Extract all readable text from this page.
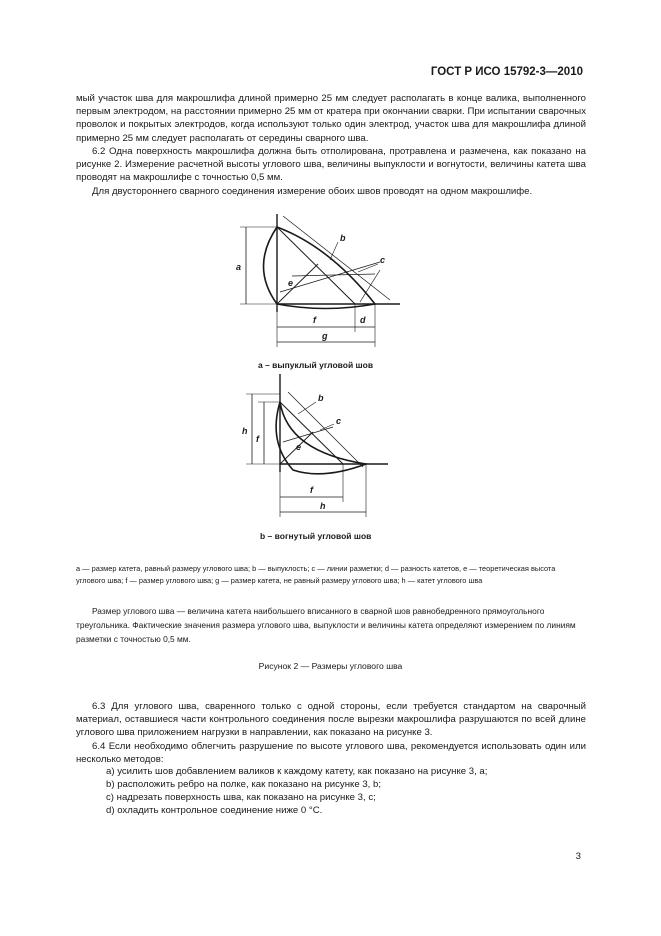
ГОСТ Р ИСО 15792-3—2010

мый участок шва для макрошлифа длиной примерно 25 мм следует располагать в конце валика, выполненного первым электродом, на расстоянии примерно 25 мм от кратера при окончании сварки. При испытании сварочных проволок и покрытых электродов, когда используют только один электрод, участок шва для макрошлифа длиной примерно 25 мм следует располагать от середины сварного шва.

6.2 Одна поверхность макрошлифа должна быть отполирована, протравлена и размечена, как показано на рисунке 2. Измерение расчетной высоты углового шва, величины выпуклости и вогнутости, величины катета шва проводят на макрошлифе с точностью 0,5 мм.

Для двустороннего сварного соединения измерение обоих швов проводят на одном макрошлифе.

a
b
c
e
f	d
g
a – выпуклый угловой шов
h
f
b
c
e
f
h
b – вогнутый угловой шов

a — размер катета, равный размеру углового шва; b — выпуклость; c — линии разметки; d — разность катетов, e — теоретическая высота углового шва; f — размер углового шва; g — размер катета, не равный размеру углового шва; h — катет углового шва

Размер углового шва — величина катета наибольшего вписанного в сварной шов равнобедренного прямоугольного треугольника. Фактические значения размера углового шва, выпуклости и величины катета определяют измерением по линиям разметки с точностью 0,5 мм.

Рисунок 2 — Размеры углового шва

6.3 Для углового шва, сваренного только с одной стороны, если требуется стандартом на сварочный материал, оставшиеся части контрольного соединения после вырезки макрошлифа разрушаются по всей длине углового шва приложением нагрузки в направлении, как показано на рисунке 3.

6.4 Если необходимо облегчить разрушение по высоте углового шва, рекомендуется использовать один или несколько методов:

a) усилить шов добавлением валиков к каждому катету, как показано на рисунке 3, a;
b) расположить ребро на полке, как показано на рисунке 3, b;
c) надрезать поверхность шва, как показано на рисунке 3, c;
d) охладить контрольное соединение ниже 0 °C.
3
